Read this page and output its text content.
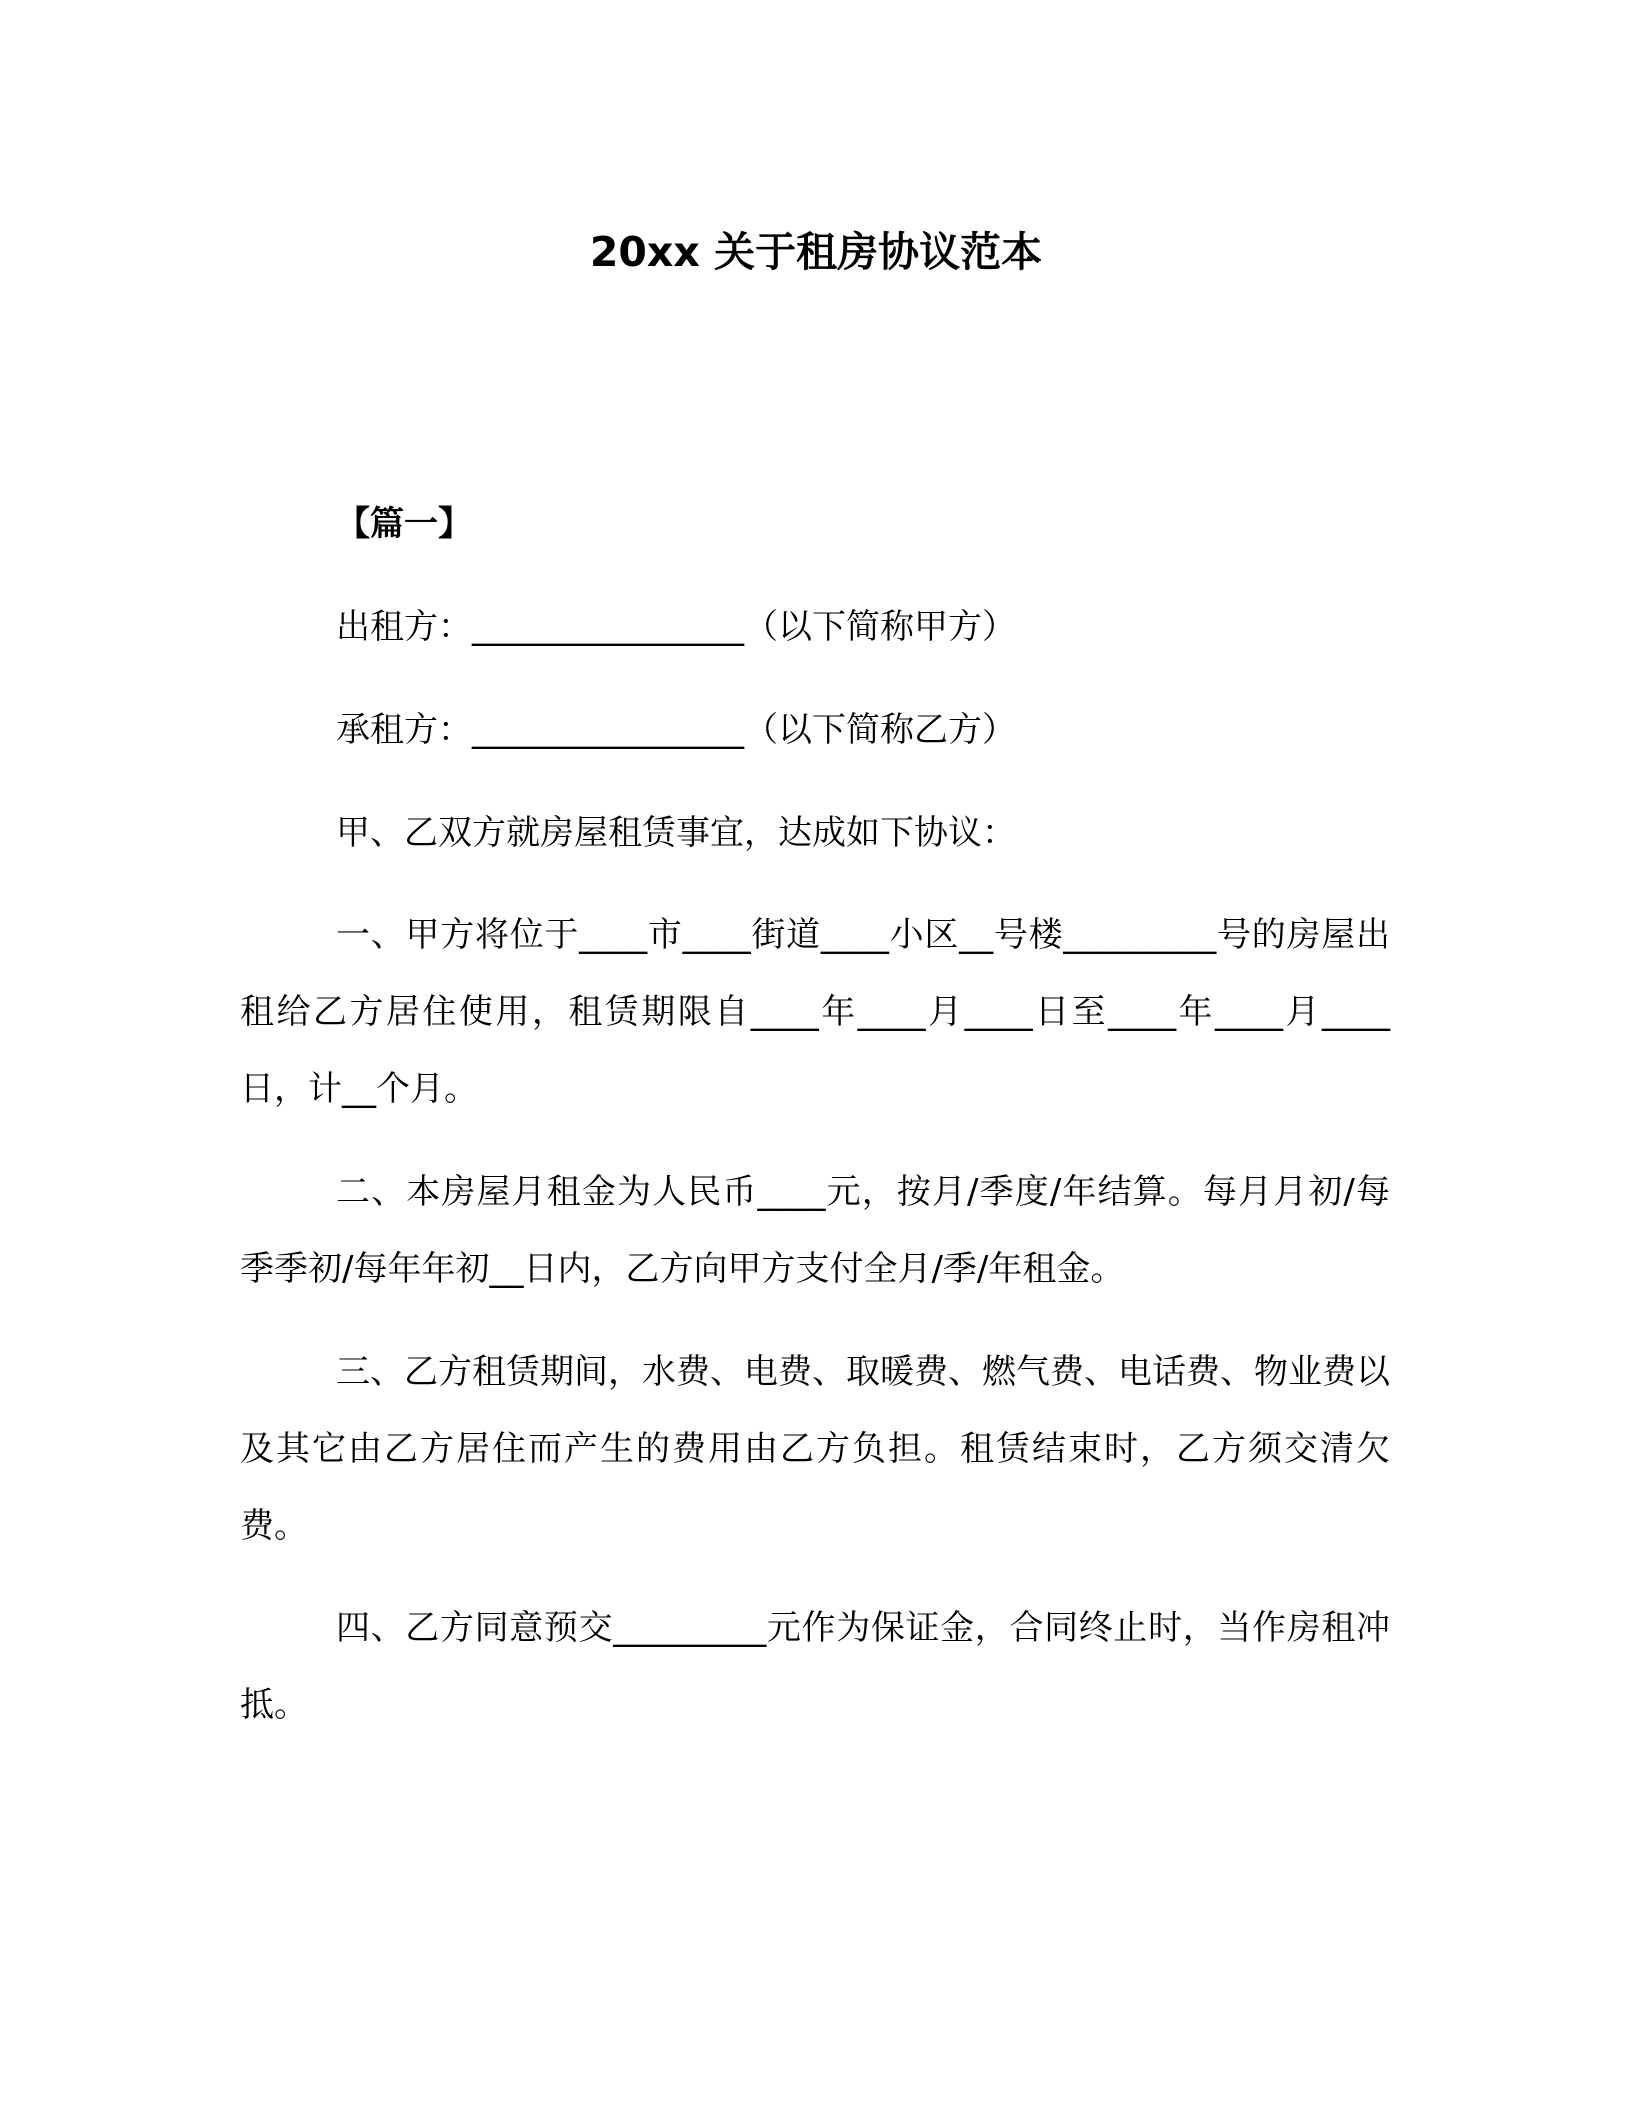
20xx 关于租房协议范本

【篇一】

出租方：________________（以下简称甲方）

承租方：________________（以下简称乙方）

甲、乙双方就房屋租赁事宜，达成如下协议：

一、甲方将位于____市____街道____小区__号楼_________号的房屋出租给乙方居住使用，租赁期限自____年____月____日至____年____月____日，计__个月。

二、本房屋月租金为人民币____元，按月/季度/年结算。每月月初/每季季初/每年年初__日内，乙方向甲方支付全月/季/年租金。

三、乙方租赁期间，水费、电费、取暖费、燃气费、电话费、物业费以及其它由乙方居住而产生的费用由乙方负担。租赁结束时，乙方须交清欠费。

四、乙方同意预交_________元作为保证金，合同终止时，当作房租冲抵。
